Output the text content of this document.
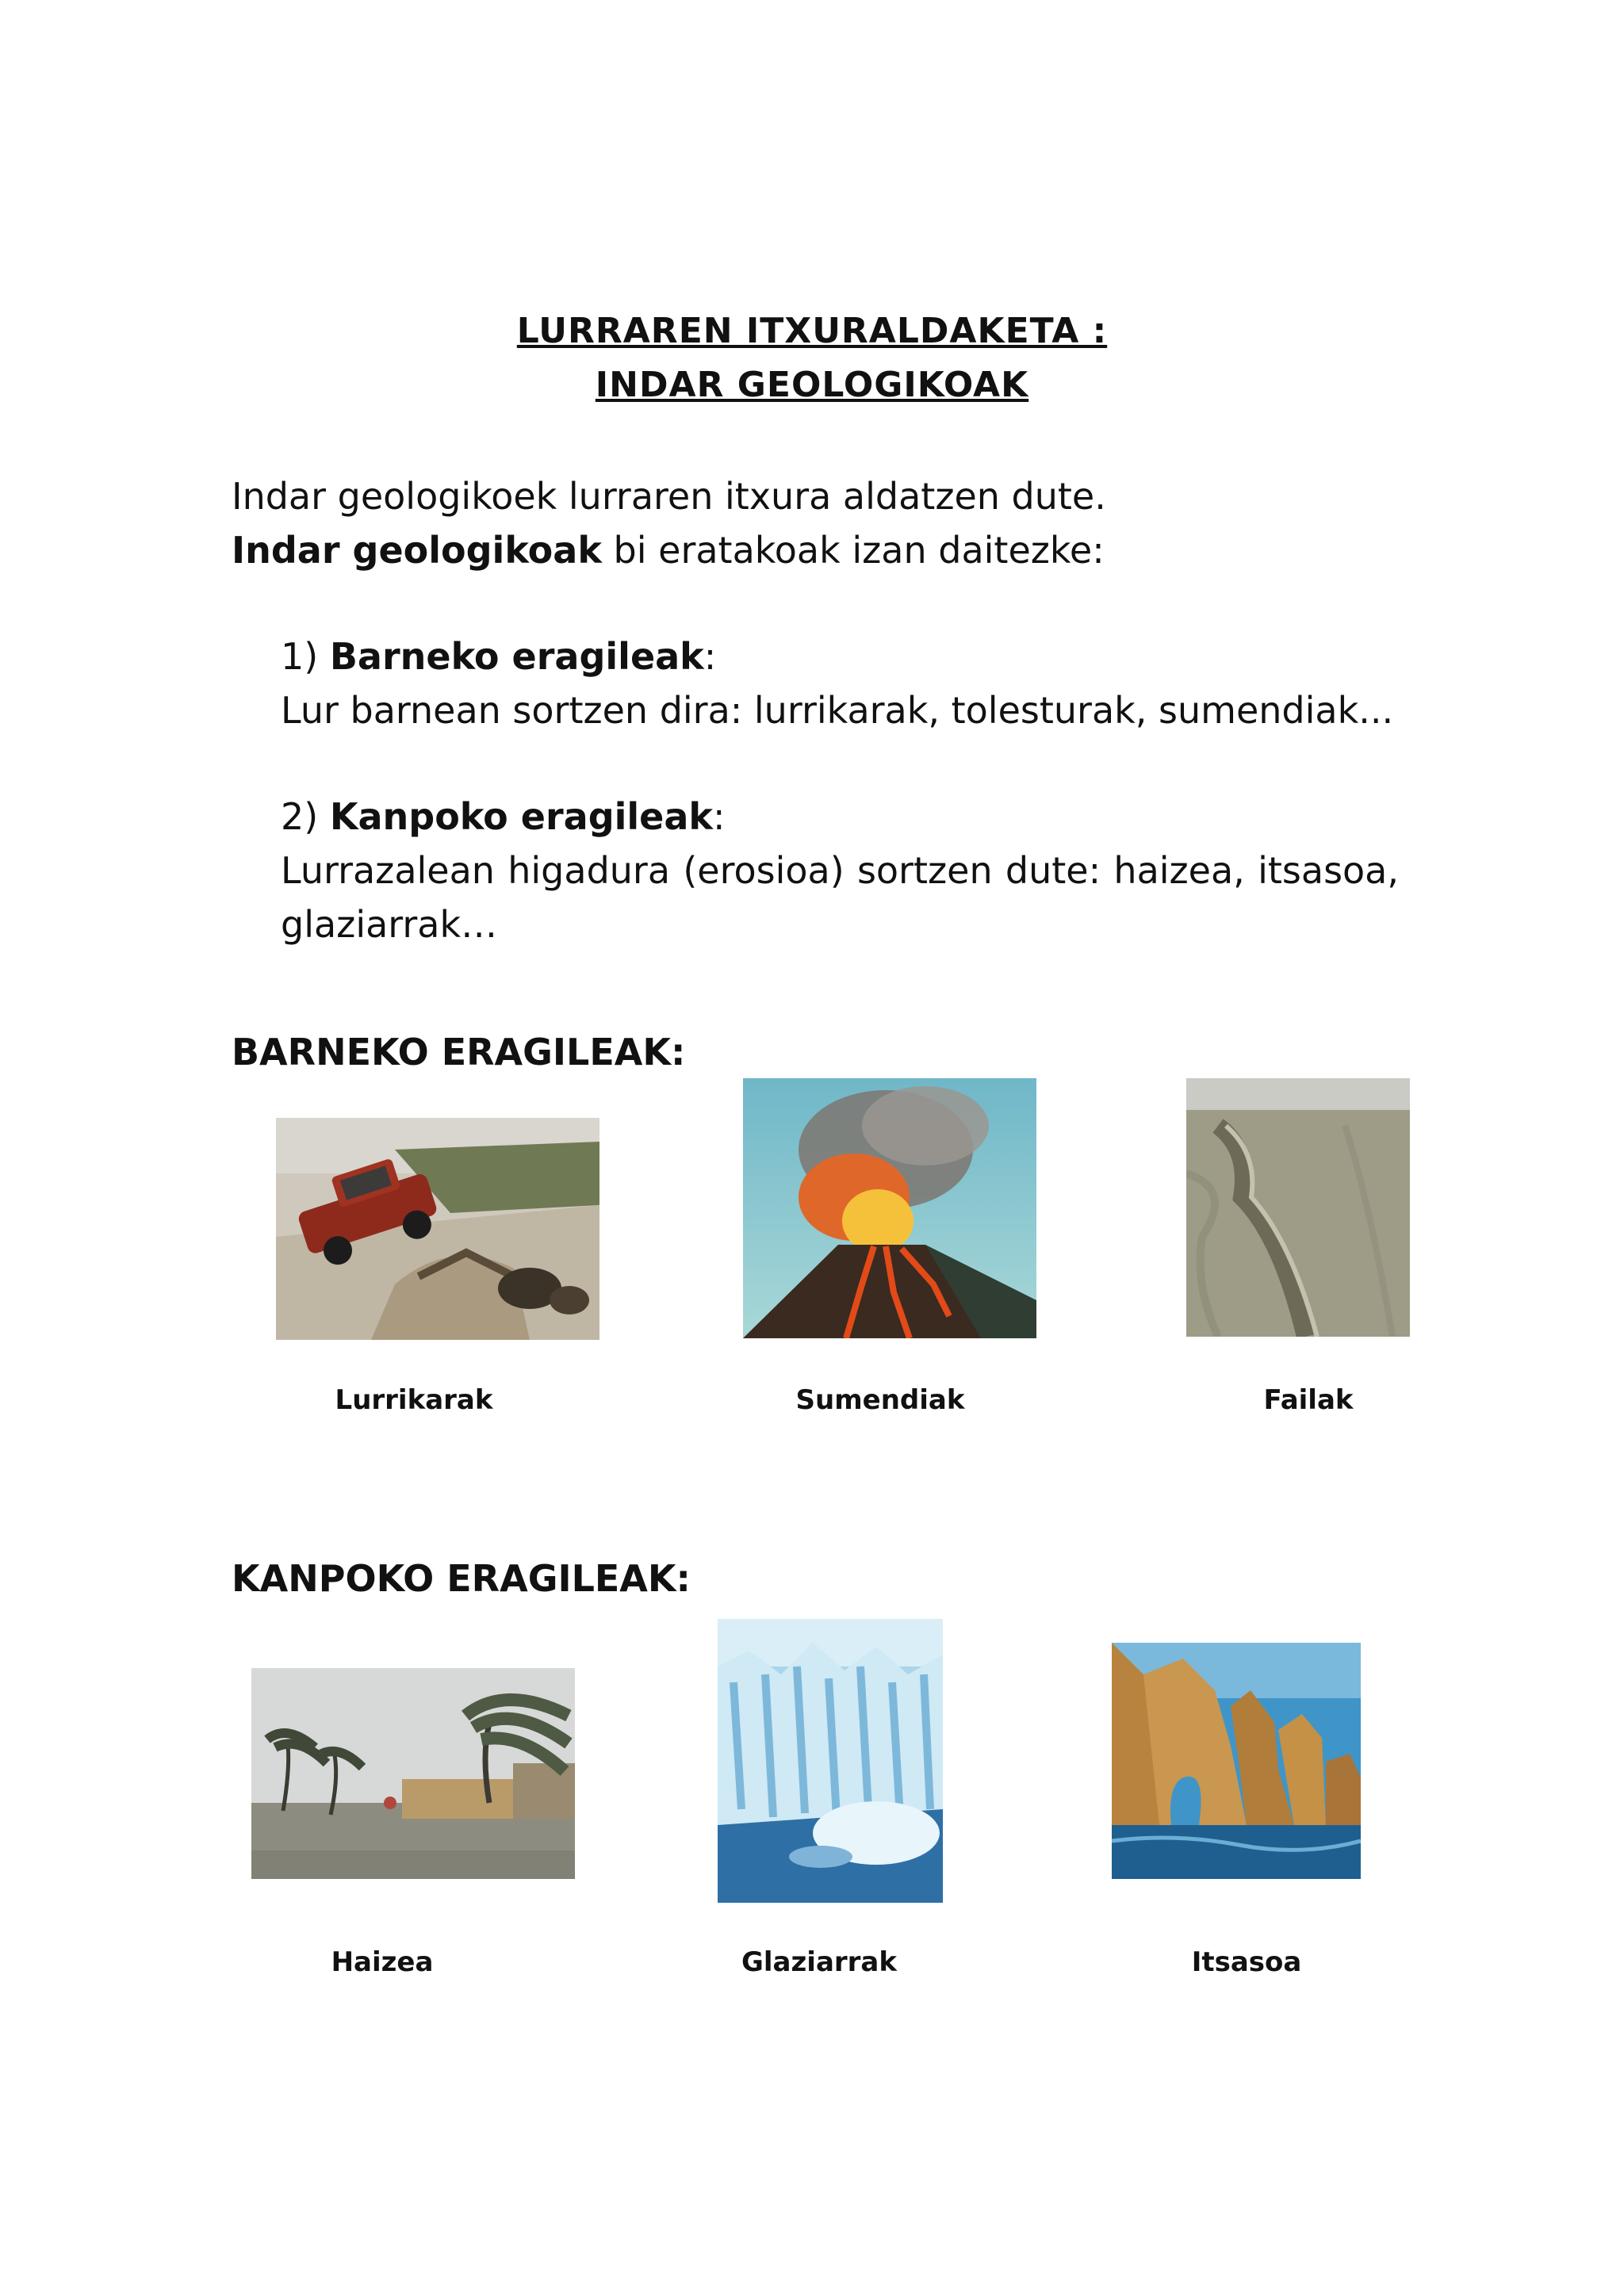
LURRAREN ITXURALDAKETA :
INDAR GEOLOGIKOAK
Indar geologikoek lurraren itxura aldatzen dute.
Indar geologikoak bi eratakoak izan daitezke:
1) Barneko eragileak:
Lur barnean sortzen dira: lurrikarak, tolesturak, sumendiak...
2) Kanpoko eragileak:
Lurrazalean higadura (erosioa) sortzen dute: haizea, itsasoa,
glaziarrak…
BARNEKO ERAGILEAK:
Lurrikarak	Sumendiak	Failak
KANPOKO ERAGILEAK:
Haizea	Glaziarrak	Itsasoa
